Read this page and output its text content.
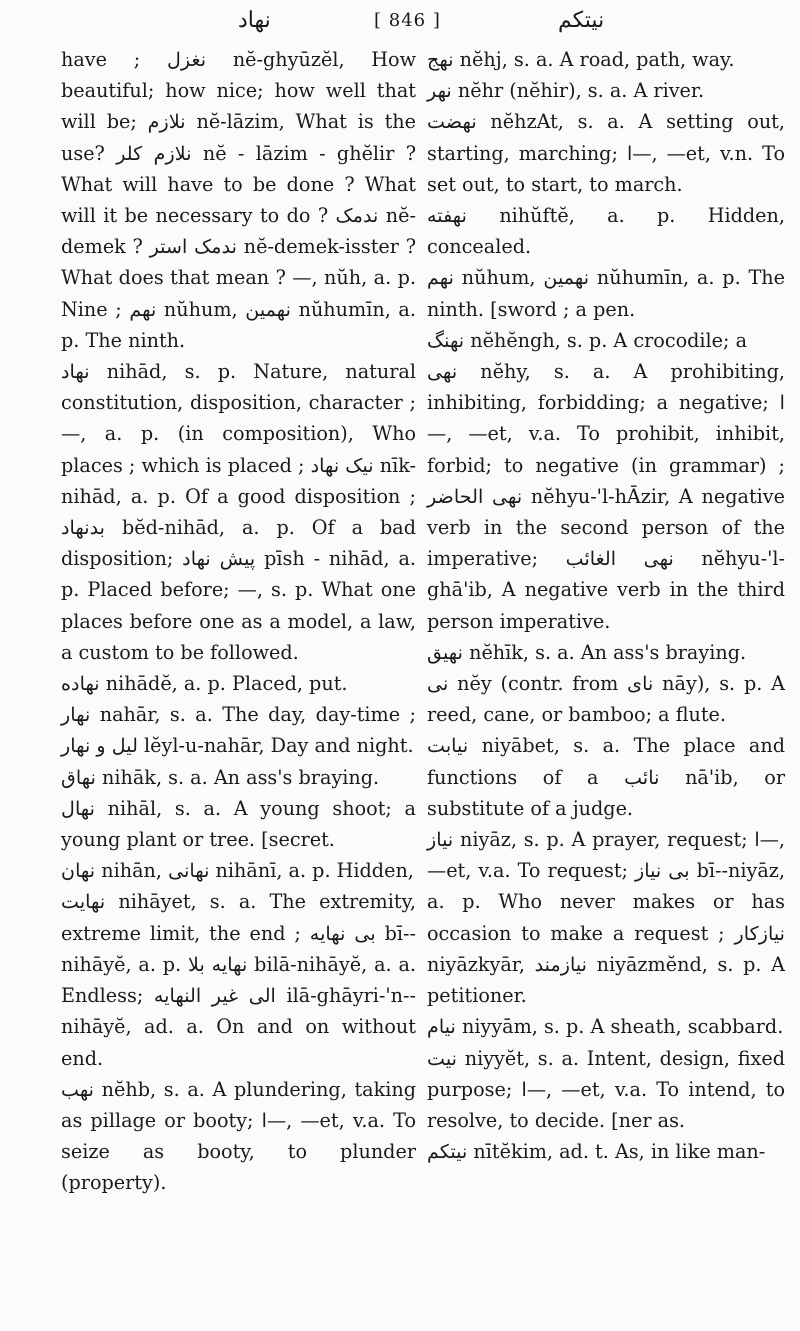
نهاد	[ 846 ]	نیتکم

have ; نغزل nĕ-ghyūzĕl, How beautiful; how nice; how well that will be; نلازم nĕ-lāzim, What is the use? نلازم کلر nĕ - lāzim - ghĕlir ? What will have to be done ? What will it be necessary to do ? ندمک nĕ-demek ? ندمک استر nĕ-demek-isster ? What does that mean ? —, nŭh, a. p. Nine ; نهم nŭhum, نهمین nŭhumīn, a. p. The ninth.

نهاد nihād, s. p. Nature, natural constitution, disposition, character ; —, a. p. (in composition), Who places ; which is placed ; نیک نهاد nīk-nihād, a. p. Of a good disposition ; بدنهاد bĕd-nihād, a. p. Of a bad disposition; پیش نهاد pīsh - nihād, a. p. Placed before; —, s. p. What one places before one as a model, a law, a custom to be followed.

نهاده nihādĕ, a. p. Placed, put.

نهار nahār, s. a. The day, day-time ; لیل و نهار lĕyl-u-nahār, Day and night.

نهاق nihāk, s. a. An ass's braying.

نهال nihāl, s. a. A young shoot; a young plant or tree. [secret.

نهان nihān, نهانی nihānī, a. p. Hidden,

نهایت nihāyet, s. a. The extremity, extreme limit, the end ; بی نهایه bī--nihāyĕ, a. p. نهایه بلا bilā-nihāyĕ, a. a. Endless; الی غیر النهایه ilā-ghāyri-'n--nihāyĕ, ad. a. On and on without end.

نهب nĕhb, s. a. A plundering, taking as pillage or booty; ا—, —et, v.a. To seize as booty, to plunder (property).

نهج nĕhj, s. a. A road, path, way.

نهر nĕhr (nĕhir), s. a. A river.

نهضت nĕhzAt, s. a. A setting out, starting, marching; ا—, —et, v.n. To set out, to start, to march.

نهفته nihŭftĕ, a. p. Hidden, concealed.

نهم nŭhum, نهمین nŭhumīn, a. p. The ninth. [sword ; a pen.

نهنگ nĕhĕngh, s. p. A crocodile; a

نهی nĕhy, s. a. A prohibiting, inhibiting, forbidding; a negative; ا—, —et, v.a. To prohibit, inhibit, forbid; to negative (in grammar) ; نهی الحاضر nĕhyu-'l-hĀzir, A negative verb in the second person of the imperative; نهی الغائب nĕhyu-'l-ghā'ib, A negative verb in the third person imperative.

نهیق nĕhīk, s. a. An ass's braying.

نی nĕy (contr. from نای nāy), s. p. A reed, cane, or bamboo; a flute.

نیابت niyābet, s. a. The place and functions of a نائب nā'ib, or substitute of a judge.

نیاز niyāz, s. p. A prayer, request; ا—, —et, v.a. To request; بی نیاز bī--niyāz, a. p. Who never makes or has occasion to make a request ; نیازکار niyāzkyār, نیازمند niyāzmĕnd, s. p. A petitioner.

نیام niyyām, s. p. A sheath, scabbard.

نیت niyyĕt, s. a. Intent, design, fixed purpose; ا—, —et, v.a. To intend, to resolve, to decide. [ner as.

نیتکم nītĕkim, ad. t. As, in like man-
